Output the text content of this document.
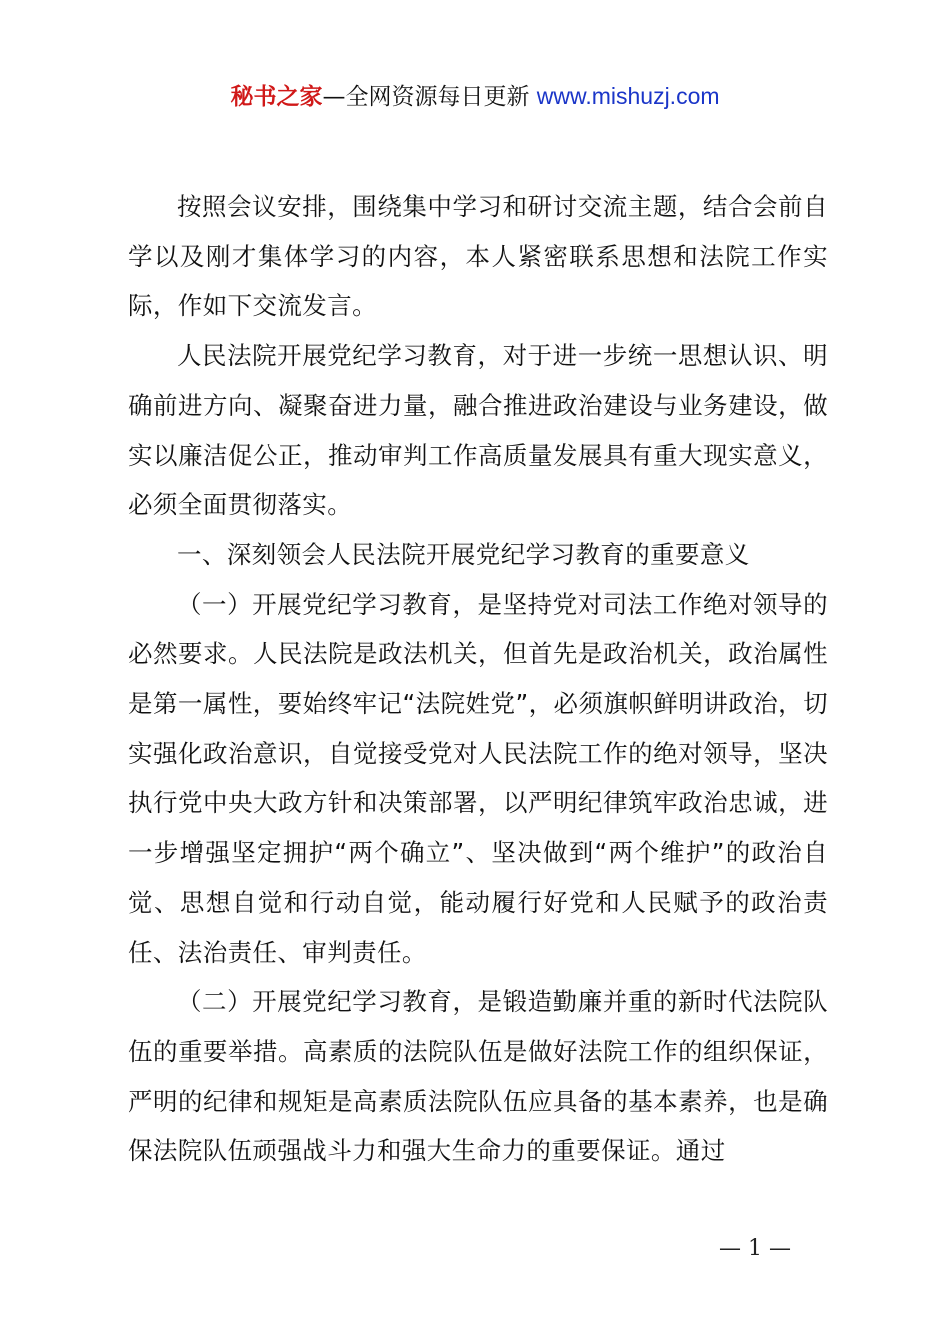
秘书之家—全网资源每日更新 www.mishuzj.com

按照会议安排，围绕集中学习和研讨交流主题，结合会前自学以及刚才集体学习的内容，本人紧密联系思想和法院工作实际，作如下交流发言。

人民法院开展党纪学习教育，对于进一步统一思想认识、明确前进方向、凝聚奋进力量，融合推进政治建设与业务建设，做实以廉洁促公正，推动审判工作高质量发展具有重大现实意义，必须全面贯彻落实。

一、深刻领会人民法院开展党纪学习教育的重要意义

（一）开展党纪学习教育，是坚持党对司法工作绝对领导的必然要求。人民法院是政法机关，但首先是政治机关，政治属性是第一属性，要始终牢记“法院姓党”，必须旗帜鲜明讲政治，切实强化政治意识，自觉接受党对人民法院工作的绝对领导，坚决执行党中央大政方针和决策部署，以严明纪律筑牢政治忠诚，进一步增强坚定拥护“两个确立”、坚决做到“两个维护”的政治自觉、思想自觉和行动自觉，能动履行好党和人民赋予的政治责任、法治责任、审判责任。

（二）开展党纪学习教育，是锻造勤廉并重的新时代法院队伍的重要举措。高素质的法院队伍是做好法院工作的组织保证，严明的纪律和规矩是高素质法院队伍应具备的基本素养，也是确保法院队伍顽强战斗力和强大生命力的重要保证。通过

— 1 —
